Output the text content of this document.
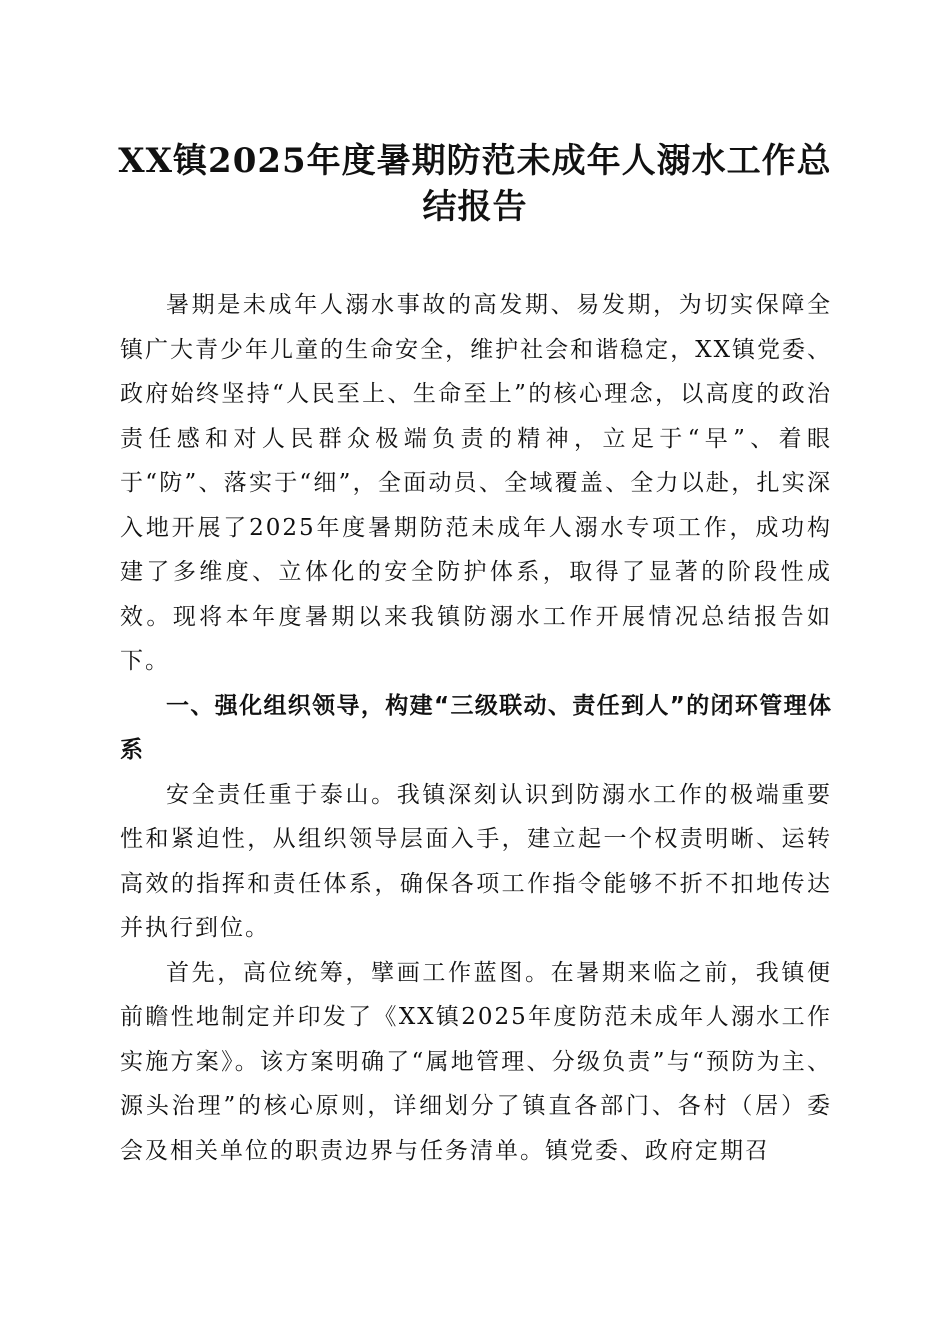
XX镇2025年度暑期防范未成年人溺水工作总结报告

暑期是未成年人溺水事故的高发期、易发期，为切实保障全镇广大青少年儿童的生命安全，维护社会和谐稳定，XX镇党委、政府始终坚持“人民至上、生命至上”的核心理念，以高度的政治责任感和对人民群众极端负责的精神，立足于“早”、着眼于“防”、落实于“细”，全面动员、全域覆盖、全力以赴，扎实深入地开展了2025年度暑期防范未成年人溺水专项工作，成功构建了多维度、立体化的安全防护体系，取得了显著的阶段性成效。现将本年度暑期以来我镇防溺水工作开展情况总结报告如下。

一、强化组织领导，构建“三级联动、责任到人”的闭环管理体系

安全责任重于泰山。我镇深刻认识到防溺水工作的极端重要性和紧迫性，从组织领导层面入手，建立起一个权责明晰、运转高效的指挥和责任体系，确保各项工作指令能够不折不扣地传达并执行到位。

首先，高位统筹，擘画工作蓝图。在暑期来临之前，我镇便前瞻性地制定并印发了《XX镇2025年度防范未成年人溺水工作实施方案》。该方案明确了“属地管理、分级负责”与“预防为主、源头治理”的核心原则，详细划分了镇直各部门、各村（居）委会及相关单位的职责边界与任务清单。镇党委、政府定期召
